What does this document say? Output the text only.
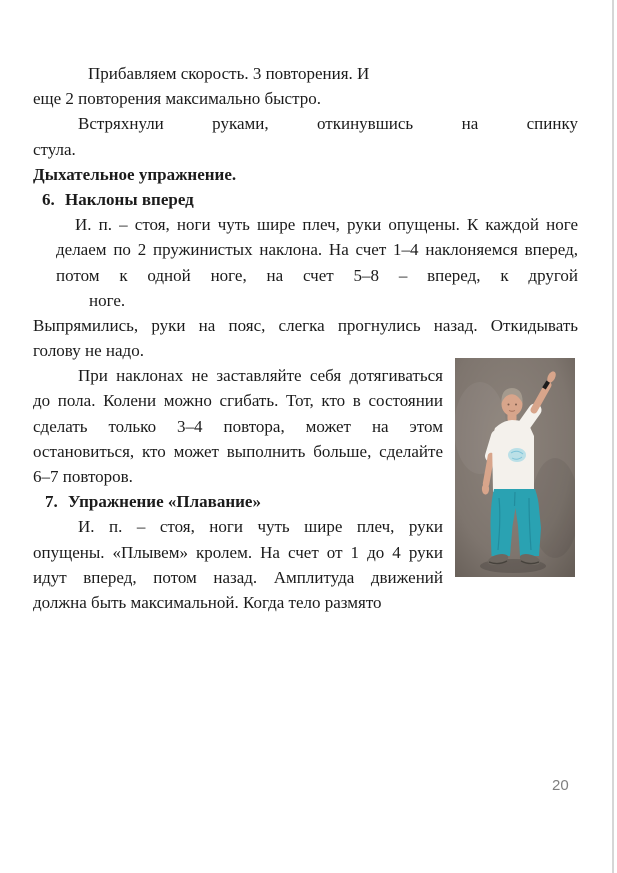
Прибавляем скорость. 3 повторения. И
еще 2 повторения максимально быстро.
Встряхнули руками, откинувшись на спинку
стула.
Дыхательное упражнение.
6. Наклоны вперед
И. п. – стоя, ноги чуть шире плеч, руки опущены. К каждой ноге
делаем по 2 пружинистых наклона. На счет 1–4 наклоняемся вперед,
потом к одной ноге, на счет 5–8 – вперед, к другой
ноге.
Выпрямились, руки на пояс, слегка прогнулись назад. Откидывать
голову не надо.
При наклонах не заставляйте себя дотягиваться
до пола. Колени можно сгибать. Тот, кто в состоянии
сделать только 3–4 повтора, может на этом
остановиться, кто может выполнить больше, сделайте
6–7 повторов.
7. Упражнение «Плавание»
И. п. – стоя, ноги чуть шире плеч, руки
опущены. «Плывем» кролем. На счет от 1 до 4 руки
идут вперед, потом назад. Амплитуда движений
должна быть максимальной. Когда тело размято
20
